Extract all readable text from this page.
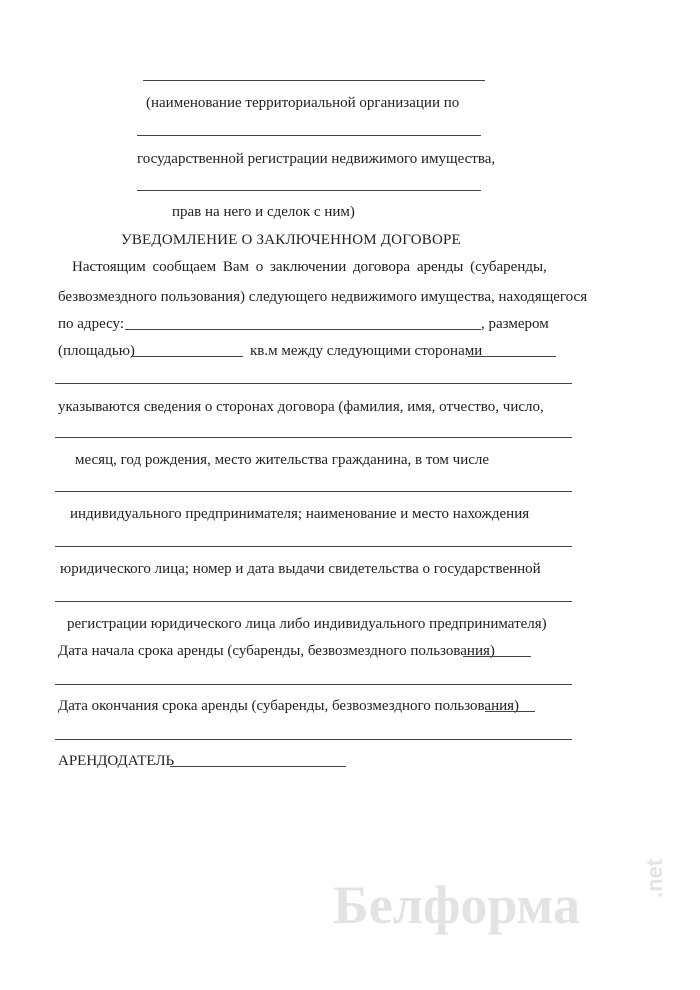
(наименование территориальной организации по
государственной регистрации недвижимого имущества,
прав на него и сделок с ним)
УВЕДОМЛЕНИЕ О ЗАКЛЮЧЕННОМ ДОГОВОРЕ
Настоящим сообщаем Вам о заключении договора аренды (субаренды,
безвозмездного пользования) следующего недвижимого имущества, находящегося
по адресу:	, размером
(площадью)	кв.м между следующими сторонами
указываются сведения о сторонах договора (фамилия, имя, отчество, число,
месяц, год рождения, место жительства гражданина, в том числе
индивидуального предпринимателя; наименование и место нахождения
юридического лица; номер и дата выдачи свидетельства о государственной
регистрации юридического лица либо индивидуального предпринимателя)
Дата начала срока аренды (субаренды, безвозмездного пользования)
Дата окончания срока аренды (субаренды, безвозмездного пользования)
АРЕНДОДАТЕЛЬ
Белформа	.net
